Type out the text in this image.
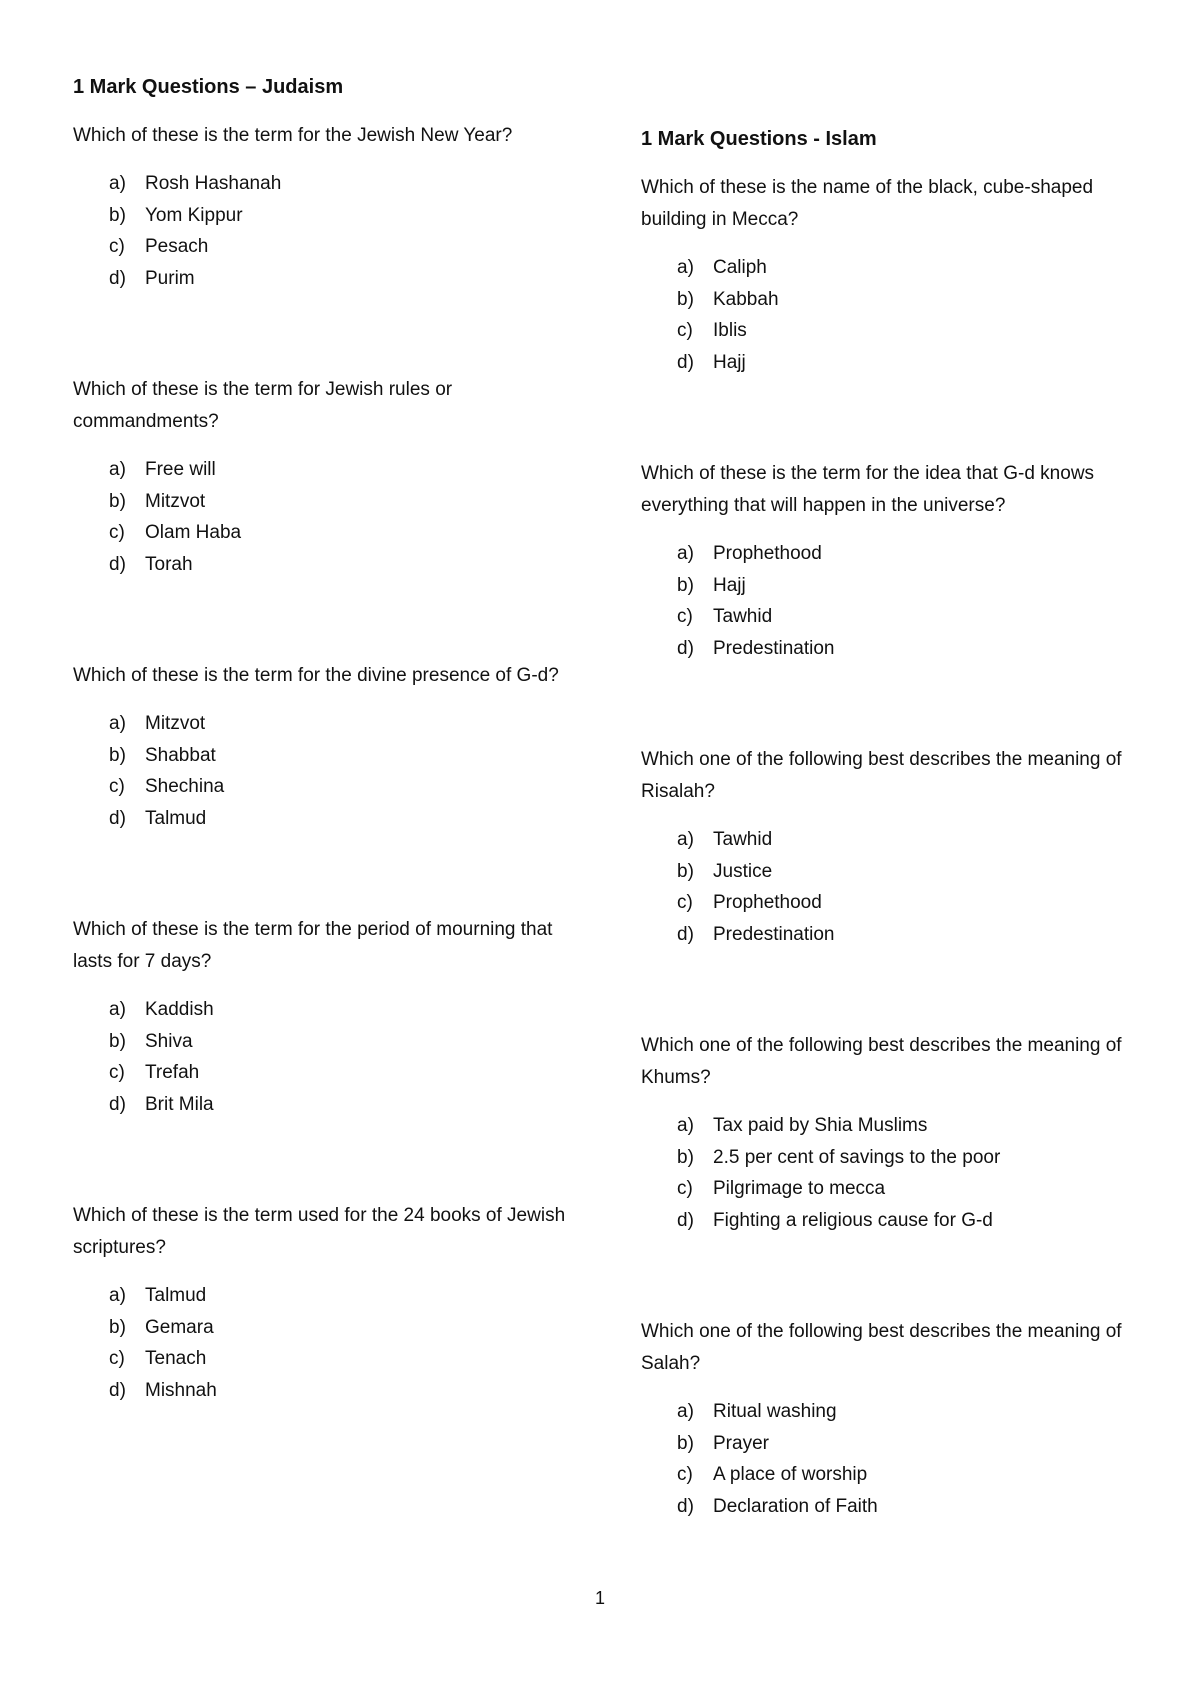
1 Mark Questions – Judaism

Which of these is the term for the Jewish New Year?

a)	Rosh Hashanah
b)	Yom Kippur
c)	Pesach
d)	Purim

Which of these is the term for Jewish rules or commandments?

a)	Free will
b)	Mitzvot
c)	Olam Haba
d)	Torah

Which of these is the term for the divine presence of G-d?

a)	Mitzvot
b)	Shabbat
c)	Shechina
d)	Talmud

Which of these is the term for the period of mourning that lasts for 7 days?

a)	Kaddish
b)	Shiva
c)	Trefah
d)	Brit Mila

Which of these is the term used for the 24 books of Jewish scriptures?

a)	Talmud
b)	Gemara
c)	Tenach
d)	Mishnah
1 Mark Questions - Islam

Which of these is the name of the black, cube-shaped building in Mecca?

a)	Caliph
b)	Kabbah
c)	Iblis
d)	Hajj

Which of these is the term for the idea that G-d knows everything that will happen in the universe?

a)	Prophethood
b)	Hajj
c)	Tawhid
d)	Predestination

Which one of the following best describes the meaning of Risalah?

a)	Tawhid
b)	Justice
c)	Prophethood
d)	Predestination

Which one of the following best describes the meaning of Khums?

a)	Tax paid by Shia Muslims
b)	2.5 per cent of savings to the poor
c)	Pilgrimage to mecca
d)	Fighting a religious cause for G-d

Which one of the following best describes the meaning of Salah?

a)	Ritual washing
b)	Prayer
c)	A place of worship
d)	Declaration of Faith
1
